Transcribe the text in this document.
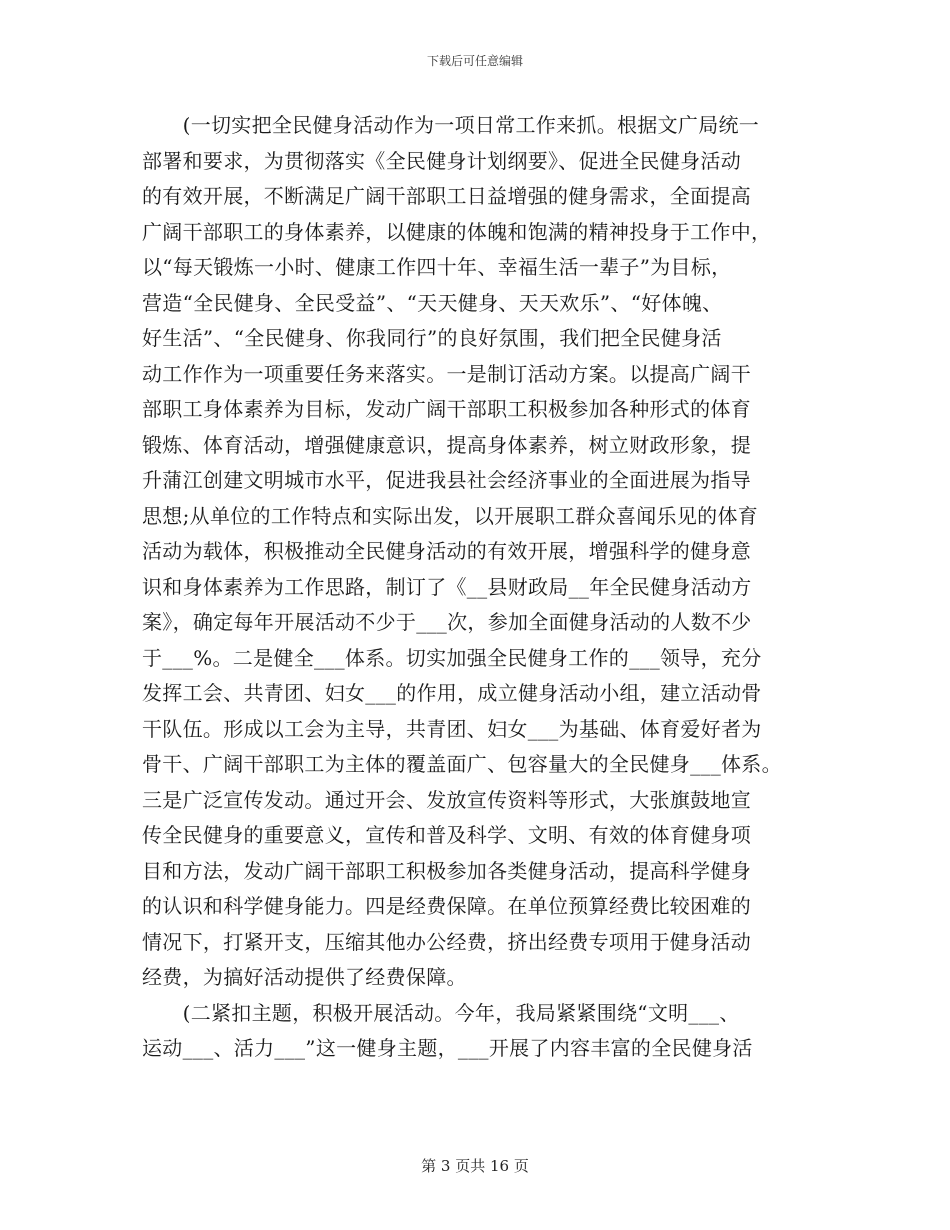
下载后可任意编辑
　　(一切实把全民健身活动作为一项日常工作来抓。根据文广局统一
部署和要求，为贯彻落实《全民健身计划纲要》、促进全民健身活动
的有效开展，不断满足广阔干部职工日益增强的健身需求，全面提高
广阔干部职工的身体素养，以健康的体魄和饱满的精神投身于工作中，
以“每天锻炼一小时、健康工作四十年、幸福生活一辈子”为目标，
营造“全民健身、全民受益”、“天天健身、天天欢乐”、“好体魄、
好生活”、“全民健身、你我同行”的良好氛围，我们把全民健身活
动工作作为一项重要任务来落实。一是制订活动方案。以提高广阔干
部职工身体素养为目标，发动广阔干部职工积极参加各种形式的体育
锻炼、体育活动，增强健康意识，提高身体素养，树立财政形象，提
升蒲江创建文明城市水平，促进我县社会经济事业的全面进展为指导
思想;从单位的工作特点和实际出发，以开展职工群众喜闻乐见的体育
活动为载体，积极推动全民健身活动的有效开展，增强科学的健身意
识和身体素养为工作思路，制订了《__县财政局__年全民健身活动方
案》，确定每年开展活动不少于___次，参加全面健身活动的人数不少
于___%。二是健全___体系。切实加强全民健身工作的___领导，充分
发挥工会、共青团、妇女___的作用，成立健身活动小组，建立活动骨
干队伍。形成以工会为主导，共青团、妇女___为基础、体育爱好者为
骨干、广阔干部职工为主体的覆盖面广、包容量大的全民健身___体系。
三是广泛宣传发动。通过开会、发放宣传资料等形式，大张旗鼓地宣
传全民健身的重要意义，宣传和普及科学、文明、有效的体育健身项
目和方法，发动广阔干部职工积极参加各类健身活动，提高科学健身
的认识和科学健身能力。四是经费保障。在单位预算经费比较困难的
情况下，打紧开支，压缩其他办公经费，挤出经费专项用于健身活动
经费，为搞好活动提供了经费保障。
　　(二紧扣主题，积极开展活动。今年，我局紧紧围绕“文明___、
运动___、活力___”这一健身主题，___开展了内容丰富的全民健身活
第 3 页共 16 页
